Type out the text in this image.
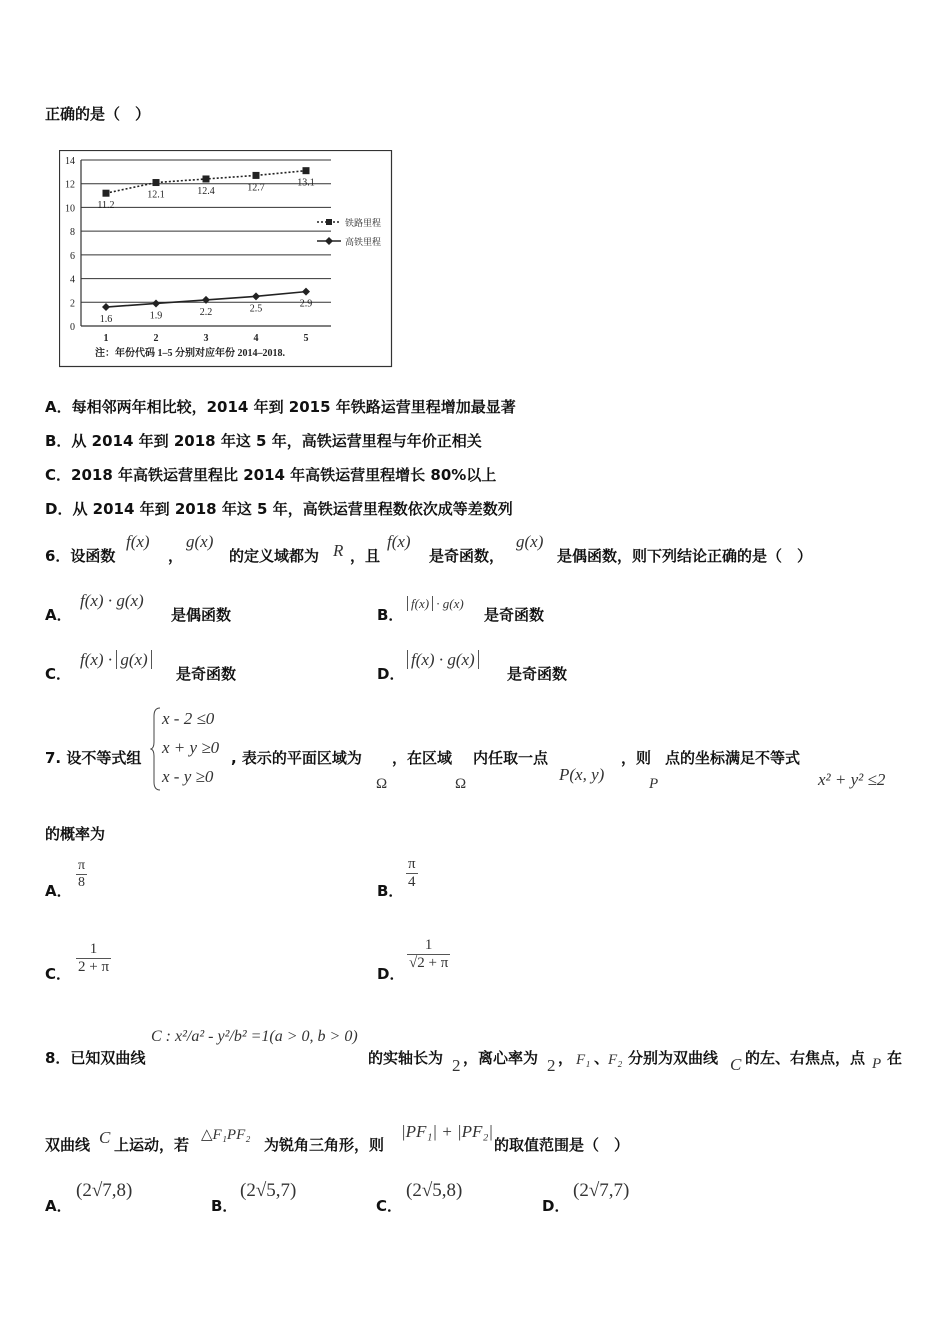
正确的是（　）
0
2
4
6
8
10
12
14
1	2	3	4	5
11.2
12.1	12.4	12.7	13.1
1.6	1.9	2.2	2.5	2.9
铁路里程
高铁里程
注：年份代码 1–5 分别对应年份 2014–2018.
A．每相邻两年相比较，2014 年到 2015 年铁路运营里程增加最显著
B．从 2014 年到 2018 年这 5 年，高铁运营里程与年价正相关
C．2018 年高铁运营里程比 2014 年高铁运营里程增长 80%以上
D．从 2014 年到 2018 年这 5 年，高铁运营里程数依次成等差数列
6．设函数
f(x)
，
g(x)
的定义域都为 R ，且
f(x)
是奇函数，
g(x)
是偶函数，则下列结论正确的是（　）
A．
f(x) · g(x)
是偶函数	B．
f(x) · g(x)
是奇函数
C．
f(x) · g(x)
是奇函数	D．
f(x) · g(x)
是奇函数
7. 设不等式组
x - 2 ≤0
x + y ≥0
x - y ≥0
, 表示的平面区域为
Ω
，在区域
Ω
内任取一点
P(x, y)
，则
P
点的坐标满足不等式
x² + y² ≤2
的概率为
A． $\frac{\pi}{8}$	B． $\frac{\pi}{4}$
C． $\frac{1}{2 + \pi}$	D．
$\frac{1}{√2 + \pi}$
8．已知双曲线
C : x²/a² - y²/b² =1(a > 0, b > 0)
的实轴长为 2 ，离心率为 2 ， F₁ 、
F₂ 分别为双曲线 C 的左、右焦点，点 P 在
双曲线 C 上运动，若
△F₁PF₂
为锐角三角形，则
|PF₁| + |PF₂|
的取值范围是（　）
A．
(2√7,8)
B．
(2√5,7)
C．
(2√5,8)
D．
(2√7,7)
